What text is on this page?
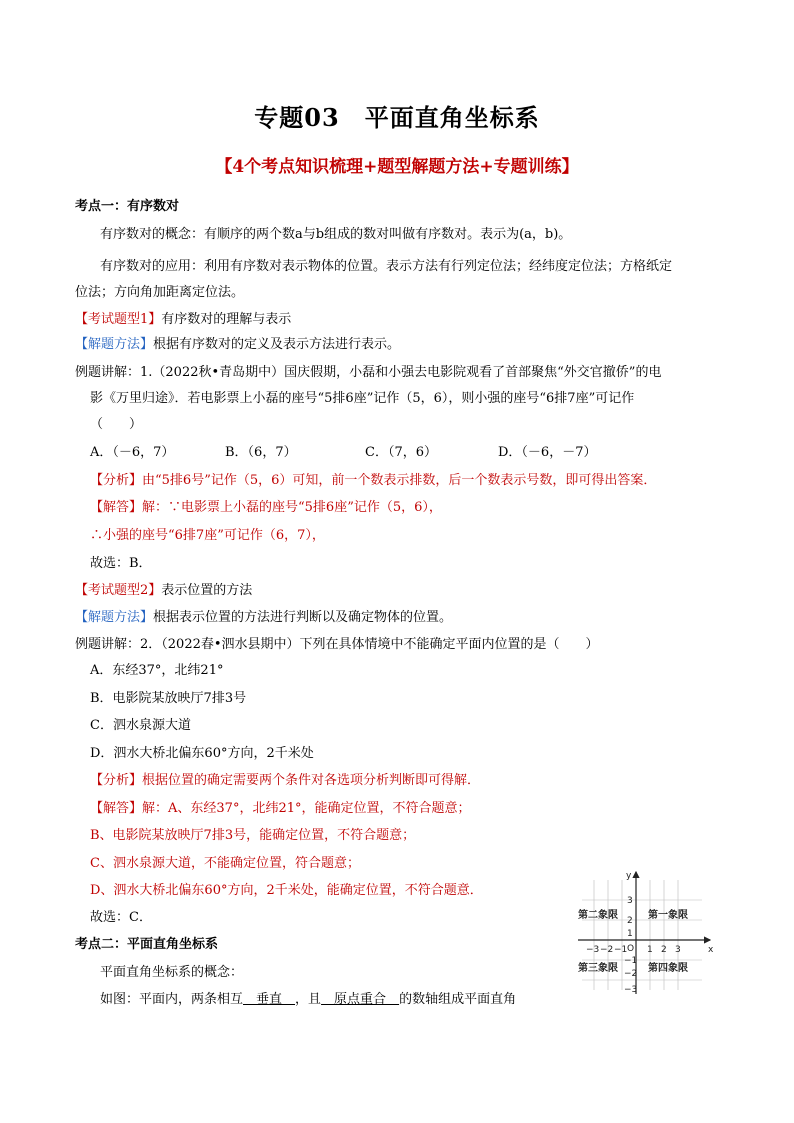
专题03　平面直角坐标系
【4个考点知识梳理+题型解题方法+专题训练】
考点一：有序数对
有序数对的概念：有顺序的两个数a与b组成的数对叫做有序数对。表示为(a，b)。
有序数对的应用：利用有序数对表示物体的位置。表示方法有行列定位法；经纬度定位法；方格纸定
位法；方向角加距离定位法。
【考试题型1】有序数对的理解与表示
【解题方法】根据有序数对的定义及表示方法进行表示。
例题讲解：1.（2022秋•青岛期中）国庆假期，小磊和小强去电影院观看了首部聚焦“外交官撤侨”的电
影《万里归途》．若电影票上小磊的座号“5排6座”记作（5，6），则小强的座号“6排7座”可记作
（　　）
A．（－6，7）	B．（6，7）	C．（7，6）	D．（－6，－7）
【分析】由“5排6号”记作（5，6）可知，前一个数表示排数，后一个数表示号数，即可得出答案．
【解答】解：∵电影票上小磊的座号“5排6座”记作（5，6），
∴小强的座号“6排7座”可记作（6，7），
故选：B．
【考试题型2】表示位置的方法
【解题方法】根据表示位置的方法进行判断以及确定物体的位置。
例题讲解：2．（2022春•泗水县期中）下列在具体情境中不能确定平面内位置的是（　　）
A．东经37°，北纬21°
B．电影院某放映厅7排3号
C．泗水泉源大道
D．泗水大桥北偏东60°方向，2千米处
【分析】根据位置的确定需要两个条件对各选项分析判断即可得解．
【解答】解：A、东经37°，北纬21°，能确定位置，不符合题意；
B、电影院某放映厅7排3号，能确定位置，不符合题意；
C、泗水泉源大道，不能确定位置，符合题意；
D、泗水大桥北偏东60°方向，2千米处，能确定位置，不符合题意．
故选：C．
考点二：平面直角坐标系
平面直角坐标系的概念：
如图：平面内，两条相互　垂直　，且　原点重合　的数轴组成平面直角
x
y
O
−3 −2 −1 1 2 3
3
2
1
−1
−2
−3
第一象限
第二象限
第三象限	第四象限
